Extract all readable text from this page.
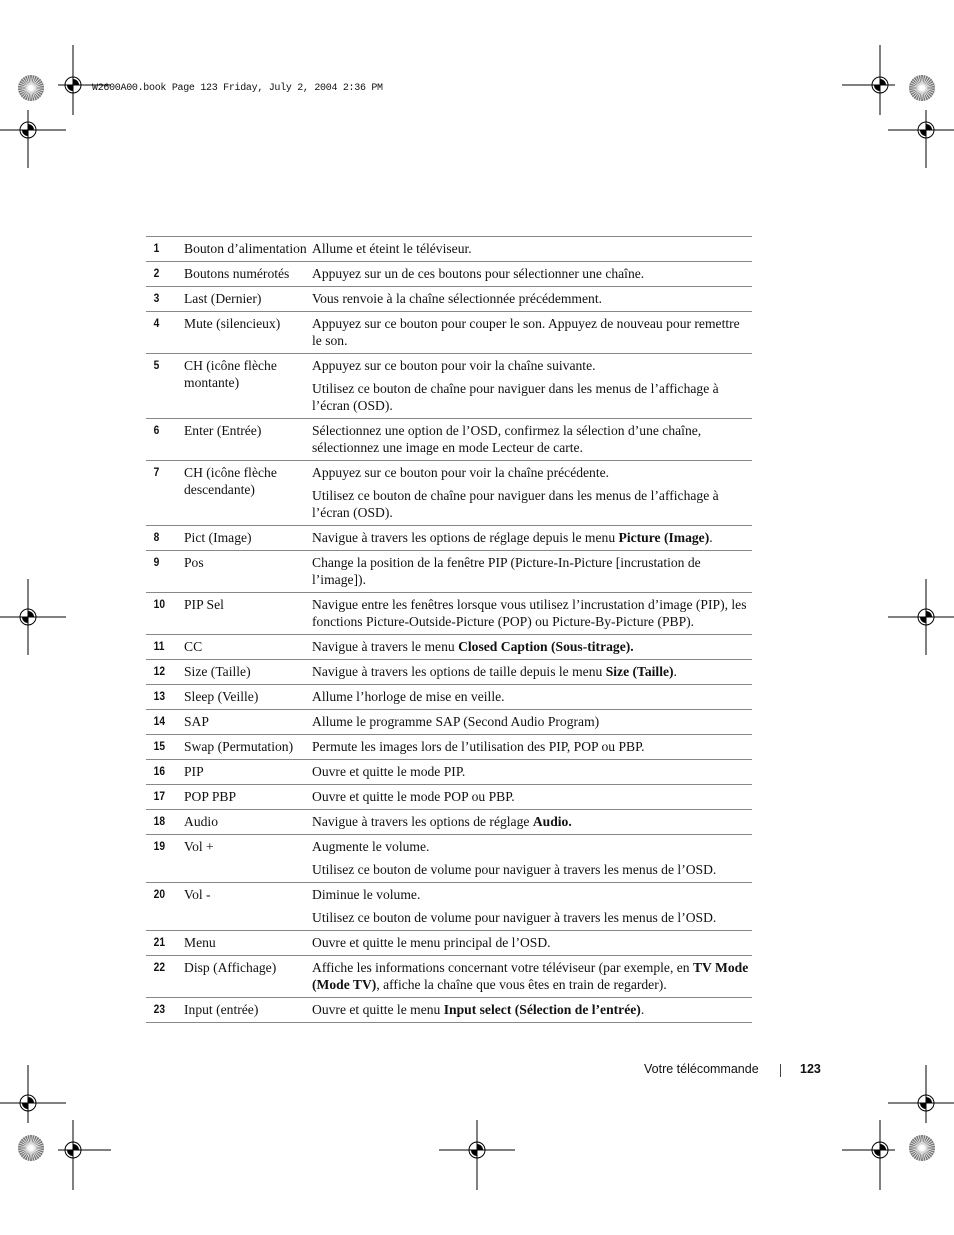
W2600A00.book Page 123 Friday, July 2, 2004 2:36 PM
1	Bouton d’alimentation	Allume et éteint le téléviseur.

2	Boutons numérotés	Appuyez sur un de ces boutons pour sélectionner une chaîne.

3	Last (Dernier)	Vous renvoie à la chaîne sélectionnée précédemment.

4	Mute (silencieux)	Appuyez sur ce bouton pour couper le son. Appuyez de nouveau pour remettre le son.

5	CH (icône flèche montante)	Appuyez sur ce bouton pour voir la chaîne suivante.

Utilisez ce bouton de chaîne pour naviguer dans les menus de l’affichage à l’écran (OSD).

6	Enter (Entrée)	Sélectionnez une option de l’OSD, confirmez la sélection d’une chaîne, sélectionnez une image en mode Lecteur de carte.

7	CH (icône flèche descendante)	Appuyez sur ce bouton pour voir la chaîne précédente.

Utilisez ce bouton de chaîne pour naviguer dans les menus de l’affichage à l’écran (OSD).

8	Pict (Image)	Navigue à travers les options de réglage depuis le menu Picture (Image).

9	Pos	Change la position de la fenêtre PIP (Picture-In-Picture [incrustation de l’image]).

10	PIP Sel	Navigue entre les fenêtres lorsque vous utilisez l’incrustation d’image (PIP), les fonctions Picture-Outside-Picture (POP) ou Picture-By-Picture (PBP).

11	CC	Navigue à travers le menu Closed Caption (Sous-titrage).

12	Size (Taille)	Navigue à travers les options de taille depuis le menu Size (Taille).

13	Sleep (Veille)	Allume l’horloge de mise en veille.

14	SAP	Allume le programme SAP (Second Audio Program)

15	Swap (Permutation)	Permute les images lors de l’utilisation des PIP, POP ou PBP.

16	PIP	Ouvre et quitte le mode PIP.

17	POP PBP	Ouvre et quitte le mode POP ou PBP.

18	Audio	Navigue à travers les options de réglage Audio.

19	Vol +	Augmente le volume.

Utilisez ce bouton de volume pour naviguer à travers les menus de l’OSD.

20	Vol -	Diminue le volume.

Utilisez ce bouton de volume pour naviguer à travers les menus de l’OSD.

21	Menu	Ouvre et quitte le menu principal de l’OSD.

22	Disp (Affichage)	Affiche les informations concernant votre téléviseur (par exemple, en TV Mode (Mode TV), affiche la chaîne que vous êtes en train de regarder).

23	Input (entrée)	Ouvre et quitte le menu Input select (Sélection de l’entrée).

Votre télécommande	123
